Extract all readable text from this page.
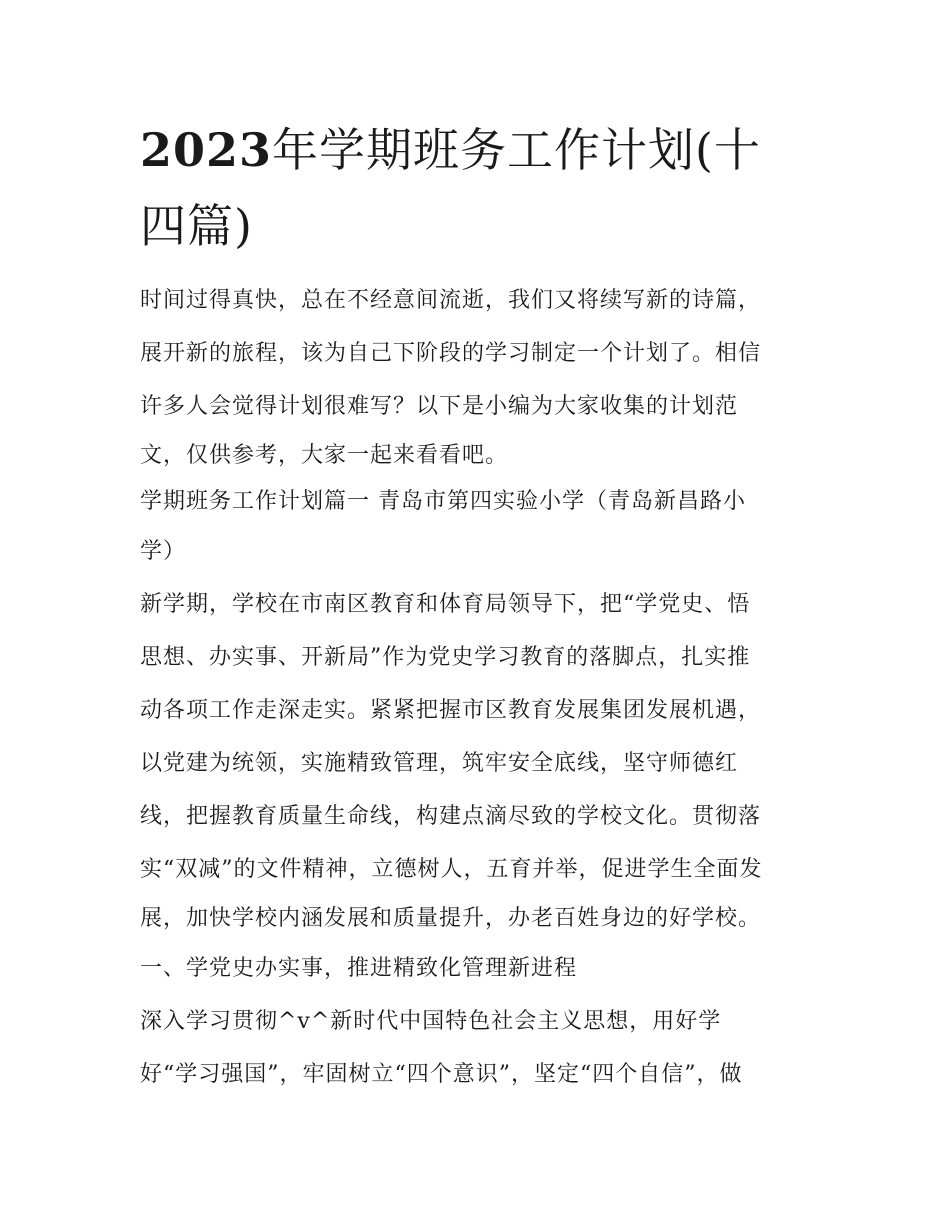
2023年学期班务工作计划(十
四篇)
时间过得真快，总在不经意间流逝，我们又将续写新的诗篇，
展开新的旅程，该为自己下阶段的学习制定一个计划了。相信
许多人会觉得计划很难写？以下是小编为大家收集的计划范
文，仅供参考，大家一起来看看吧。
学期班务工作计划篇一 青岛市第四实验小学（青岛新昌路小
学）
新学期，学校在市南区教育和体育局领导下，把“学党史、悟
思想、办实事、开新局”作为党史学习教育的落脚点，扎实推
动各项工作走深走实。紧紧把握市区教育发展集团发展机遇，
以党建为统领，实施精致管理，筑牢安全底线，坚守师德红
线，把握教育质量生命线，构建点滴尽致的学校文化。贯彻落
实“双减”的文件精神，立德树人，五育并举，促进学生全面发
展，加快学校内涵发展和质量提升，办老百姓身边的好学校。
一、学党史办实事，推进精致化管理新进程
深入学习贯彻^v^新时代中国特色社会主义思想，用好学
好“学习强国”，牢固树立“四个意识”，坚定“四个自信”，做
